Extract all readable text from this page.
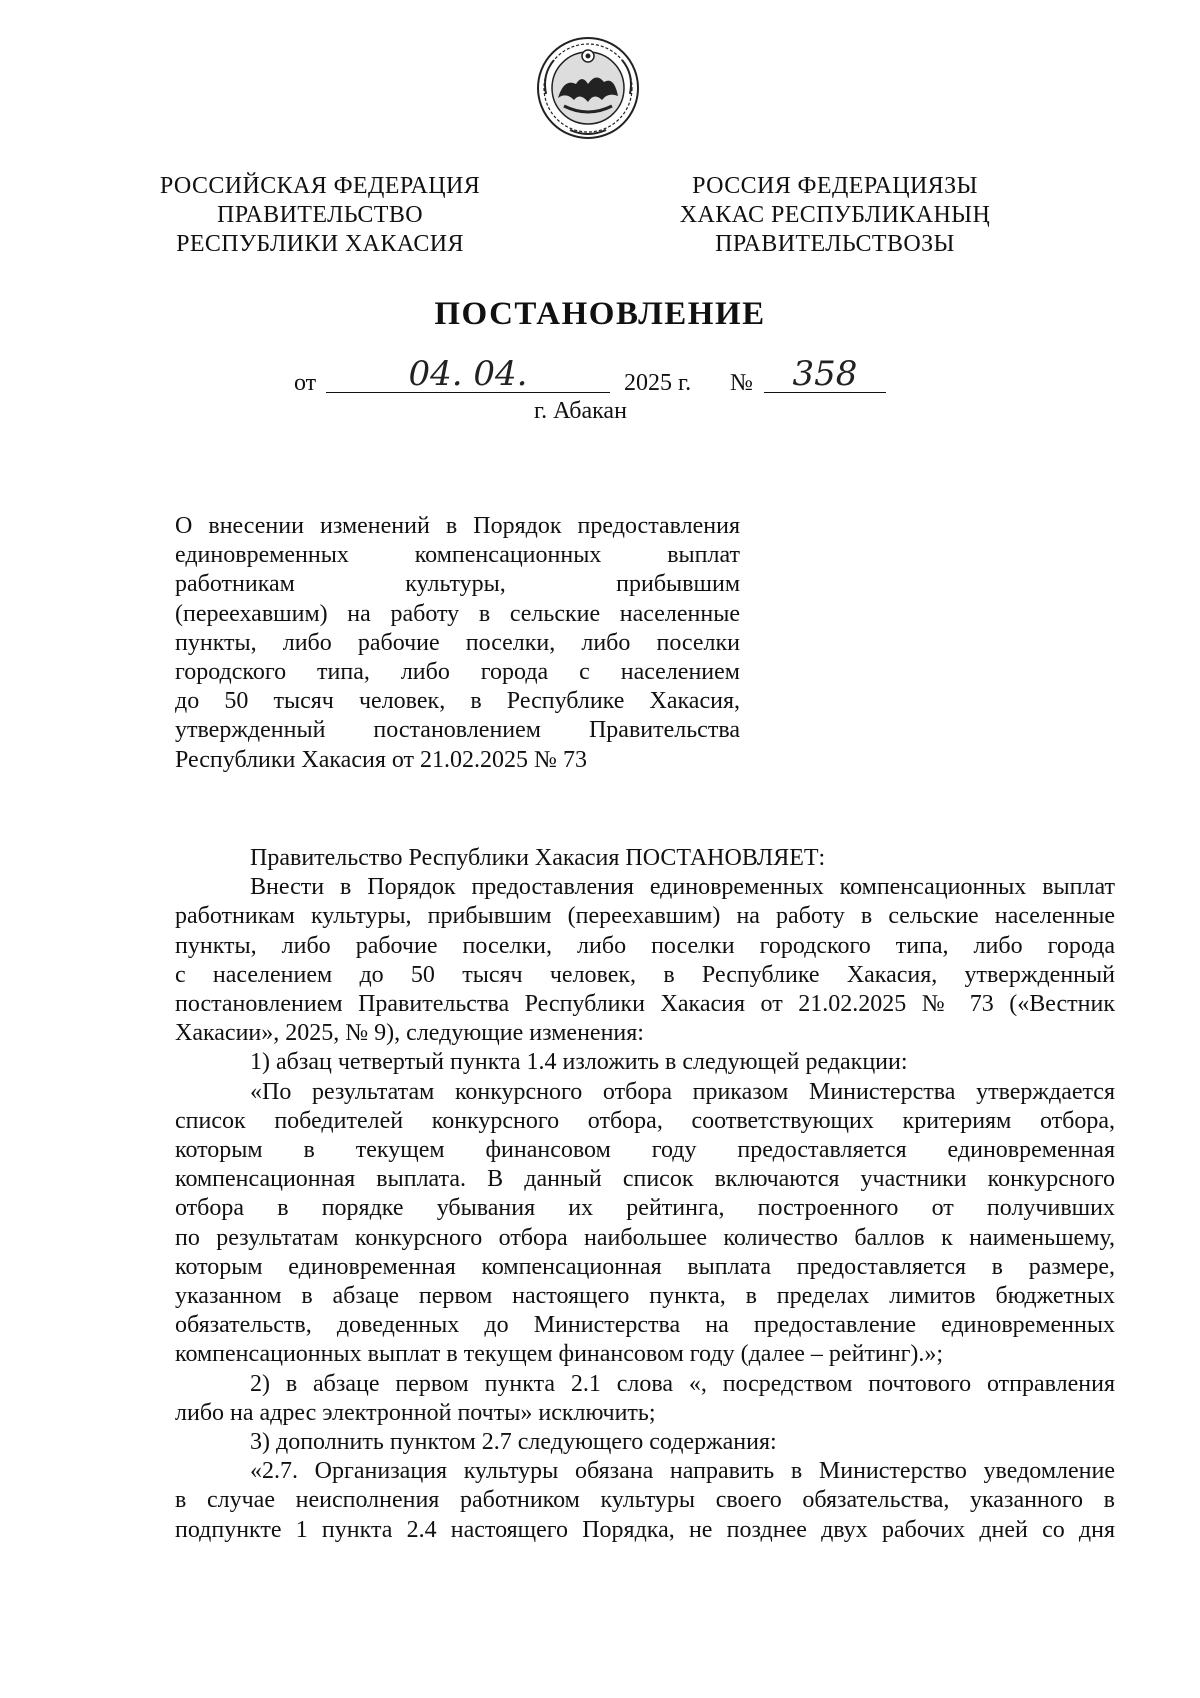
РОССИЙСКАЯ ФЕДЕРАЦИЯ
ПРАВИТЕЛЬСТВО
РЕСПУБЛИКИ ХАКАСИЯ
РОССИЯ ФЕДЕРАЦИЯЗЫ
ХАКАС РЕСПУБЛИКАНЫҢ
ПРАВИТЕЛЬСТВОЗЫ
ПОСТАНОВЛЕНИЕ
от	04. 04.	2025 г. №	358
г. Абакан
О внесении изменений в Порядок предоставления
единовременных компенсационных выплат
работникам культуры, прибывшим
(переехавшим) на работу в сельские населенные
пункты, либо рабочие поселки, либо поселки
городского типа, либо города с населением
до 50 тысяч человек, в Республике Хакасия,
утвержденный постановлением Правительства
Республики Хакасия от 21.02.2025 № 73
Правительство Республики Хакасия ПОСТАНОВЛЯЕТ:
Внести в Порядок предоставления единовременных компенсационных выплат
работникам культуры, прибывшим (переехавшим) на работу в сельские населенные
пункты, либо рабочие поселки, либо поселки городского типа, либо города
с населением до 50 тысяч человек, в Республике Хакасия, утвержденный
постановлением Правительства Республики Хакасия от 21.02.2025 № 73 («Вестник
Хакасии», 2025, № 9), следующие изменения:
1) абзац четвертый пункта 1.4 изложить в следующей редакции:
«По результатам конкурсного отбора приказом Министерства утверждается
список победителей конкурсного отбора, соответствующих критериям отбора,
которым в текущем финансовом году предоставляется единовременная
компенсационная выплата. В данный список включаются участники конкурсного
отбора в порядке убывания их рейтинга, построенного от получивших
по результатам конкурсного отбора наибольшее количество баллов к наименьшему,
которым единовременная компенсационная выплата предоставляется в размере,
указанном в абзаце первом настоящего пункта, в пределах лимитов бюджетных
обязательств, доведенных до Министерства на предоставление единовременных
компенсационных выплат в текущем финансовом году (далее – рейтинг).»;
2) в абзаце первом пункта 2.1 слова «, посредством почтового отправления
либо на адрес электронной почты» исключить;
3) дополнить пунктом 2.7 следующего содержания:
«2.7. Организация культуры обязана направить в Министерство уведомление
в случае неисполнения работником культуры своего обязательства, указанного в
подпункте 1 пункта 2.4 настоящего Порядка, не позднее двух рабочих дней со дня
